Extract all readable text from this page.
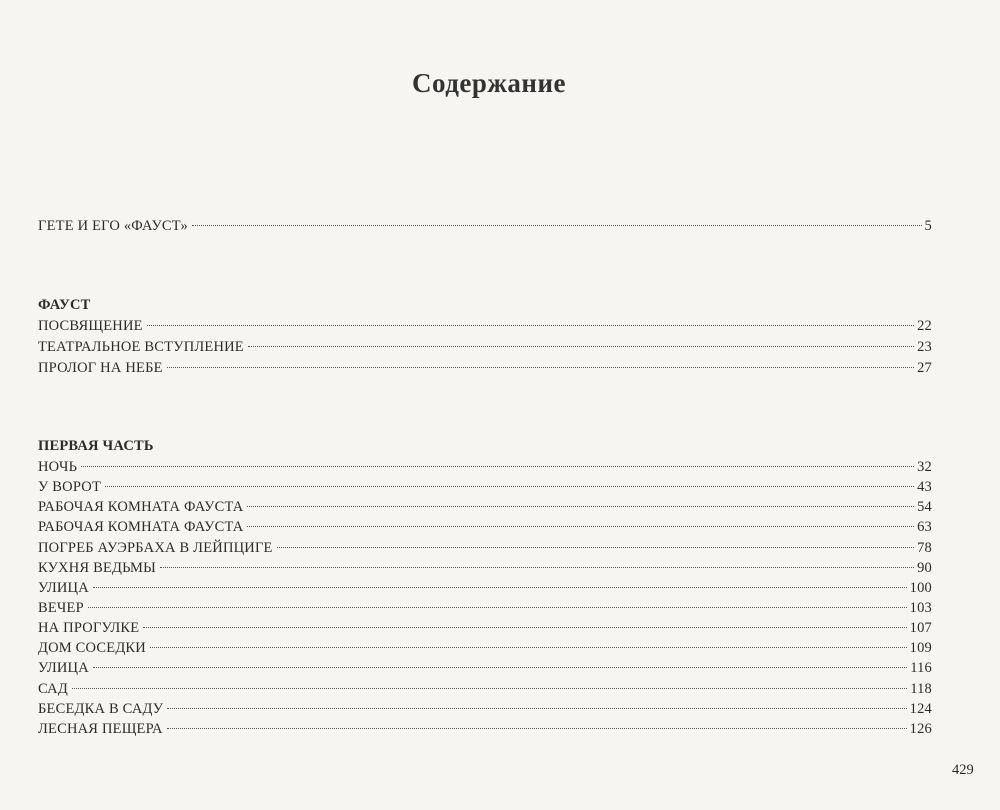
Содержание
ГЕТЕ И ЕГО «ФАУСТ»	5
ФАУСТ
ПОСВЯЩЕНИЕ	22
ТЕАТРАЛЬНОЕ ВСТУПЛЕНИЕ	23
ПРОЛОГ НА НЕБЕ	27
ПЕРВАЯ ЧАСТЬ
НОЧЬ	32
У ВОРОТ	43
РАБОЧАЯ КОМНАТА ФАУСТА	54
РАБОЧАЯ КОМНАТА ФАУСТА	63
ПОГРЕБ АУЭРБАХА В ЛЕЙПЦИГЕ	78
КУХНЯ ВЕДЬМЫ	90
УЛИЦА	100
ВЕЧЕР	103
НА ПРОГУЛКЕ	107
ДОМ СОСЕДКИ	109
УЛИЦА	116
САД	118
БЕСЕДКА В САДУ	124
ЛЕСНАЯ ПЕЩЕРА	126
429
